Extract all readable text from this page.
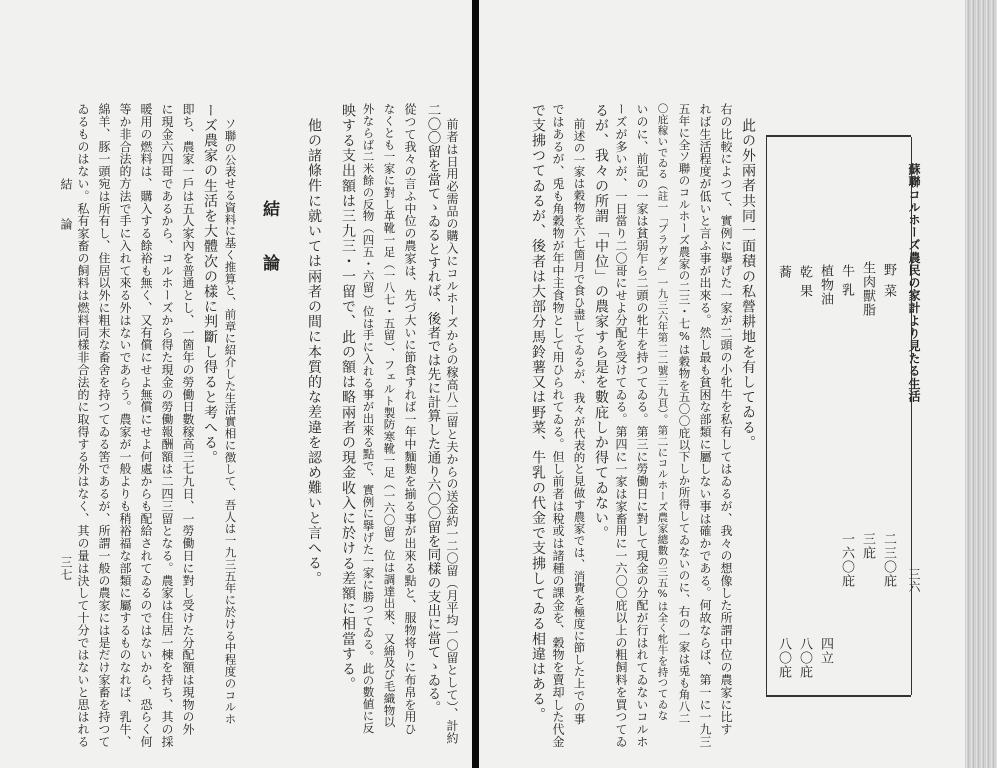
前者は日用必需品の購入にコルホーズからの稼高八二留と夫からの送金約一二〇留（月平均一〇留として）、計約
二〇〇留を當てゝゐるとすれば、後者では先に計算した通り六〇〇留を同樣の支出に當てゝゐる。
從つて我々の言ふ中位の農家は、先づ大いに節食すれば一年中麵麭を揃る事が出來る點と、服物将りに布帛を用ひ
なくとも一家に對し革靴一足（一八七・五留）、フェルト製防寒靴一足（一六〇留）位は調達出來、又綿及び毛織物以
外ならば二米餘の反物（四五・六留）位は手に入れる事が出來る點で、實例に擧げた一家に勝つてゐる。此の數値に反
映する支出額は三九三・一留で、此の額は略兩者の現金收入に於ける差額に相當する。
他の諸條件に就いては兩者の間に本質的な差違を認め難いと言へる。
結　論
ソ聯の公表せる資料に基く推算と、前章に紹介した生活實相に徴して、吾人は一九三五年に於ける中程度のコルホ
ーズ農家の生活を大體次の樣に判斷し得ると考へる。
即ち、農家一戶は五人家內を普通とし、一箇年の勞働日數稼高三七九日、一勞働日に對し受けた分配額は現物の外
に現金六四哥であるから、コルホーズから得た現金の勞働報酬額は二四三留となる。農家は住居一棟を持ち、其の採
暖用の燃料は、購入する餘裕も無く、又有償にせよ無償にせよ何處からも配給されてゐるのではないから、恐らく何
等か非合法的方法で手に入れて來る外はないであらう。農家が一般よりも稍裕福な部類に屬するものなれば、乳牛、
綿羊、豚一頭宛は所有し、住居以外に粗末な畜舍を持つてゐる筈であるが、所謂一般の農家には是だけ家畜を持つて
ゐるものはない。私有家畜の飼料は燃料同樣非合法的に取得する外はなく、其の量は決して十分ではないと思はれる
結　論
三七
蘇聯コルホーズ農民の家計より見たる生活
三六
野菜
生肉獸脂
牛乳
植物油
乾果
蕎
二三〇庇
三庇
一六〇庇
四立
八〇庇
八〇庇
此の外兩者共同一面積の私營耕地を有してゐる。
右の比較によつて、實例に擧げた一家が二頭の小牝牛を私有してはゐるが、我々の想像した所謂中位の農家に比す
れば生活程度が低いと言ふ事が出來る。然し最も貧困な部類に屬しない事は確かである。何故ならば、第一に一九三
五年に全ソ聯のコルホーズ農家の二三・七%は穀物を五〇〇庇以下しか所得してゐないのに、右の一家は兎も角八二
〇庇稼いでゐる（註一「プラヴダ」一九三六年第二二號三九頁）。第二にコルホーズ農家總數の三五%は全く牝牛を持つてゐな
いのに、前記の一家は貧弱乍ら二頭の牝牛を持つてゐる。第三に勞働日に對して現金の分配が行はれてゐないコルホ
ーズが多いが、一日當り二〇哥にせよ分配を受けてゐる。第四に一家は家畜用に一六〇〇庇以上の粗飼料を買つてゐ
るが、我々の所謂「中位」の農家すら是を數庇しか得てゐない。
前述の一家は穀物を六七箇月で食ひ盡してゐるが、我々が代表的と見做す農家では、消費を極度に節した上での事
ではあるが、兎も角穀物が年中主食物として用ひられてゐる。但し前者は稅或は諸種の課金を、穀物を賣却した代金
で支拂つてゐるが、後者は大部分馬鈴薯又は野菜、牛乳の代金で支拂してゐる相違はある。
